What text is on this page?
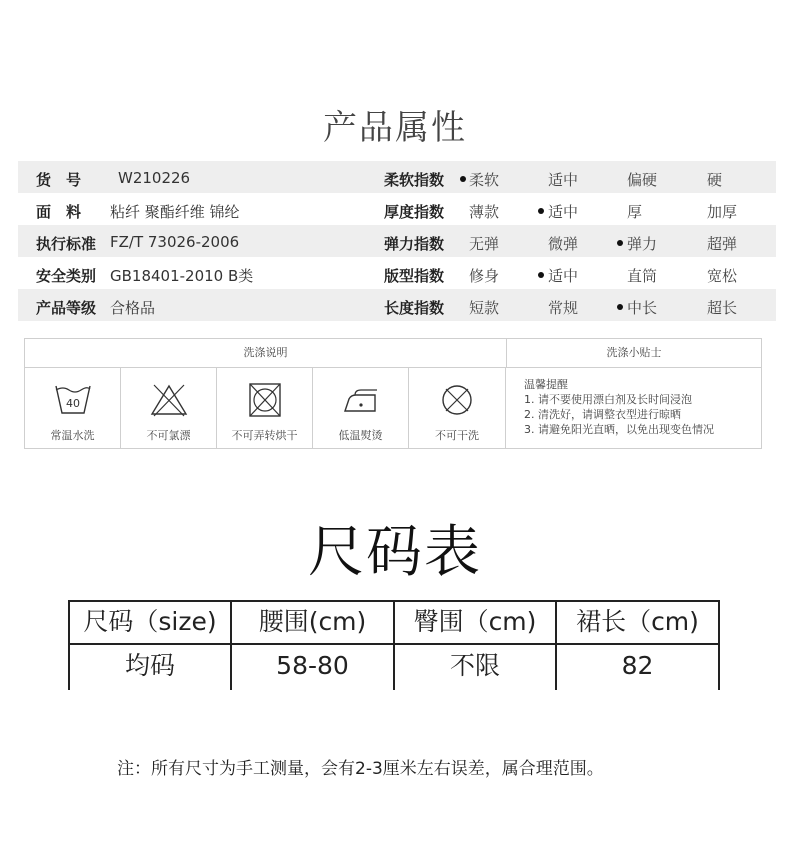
产品属性
货　号 W210226	柔软指数 柔软	适中	偏硬	硬
面　料 粘纤 聚酯纤维 锦纶	厚度指数 薄款	适中	厚	加厚
执行标准 FZ/T 73026-2006	弹力指数 无弹	微弹	弹力	超弹
安全类别 GB18401-2010 B类	版型指数 修身	适中	直筒	宽松
产品等级 合格品	长度指数 短款	常规	中长	超长
洗涤说明	洗涤小贴士
40
常温水洗	不可氯漂	不可弄转烘干	低温熨烫	不可干洗
温馨提醒
1. 请不要使用漂白剂及长时间浸泡
2. 清洗好，请调整衣型进行晾晒
3. 请避免阳光直晒，以免出现变色情况
尺码表
尺码（size)	腰围(cm)	臀围（cm)	裙长（cm)
均码	58-80	不限	82
注：所有尺寸为手工测量，会有2-3厘米左右误差，属合理范围。
